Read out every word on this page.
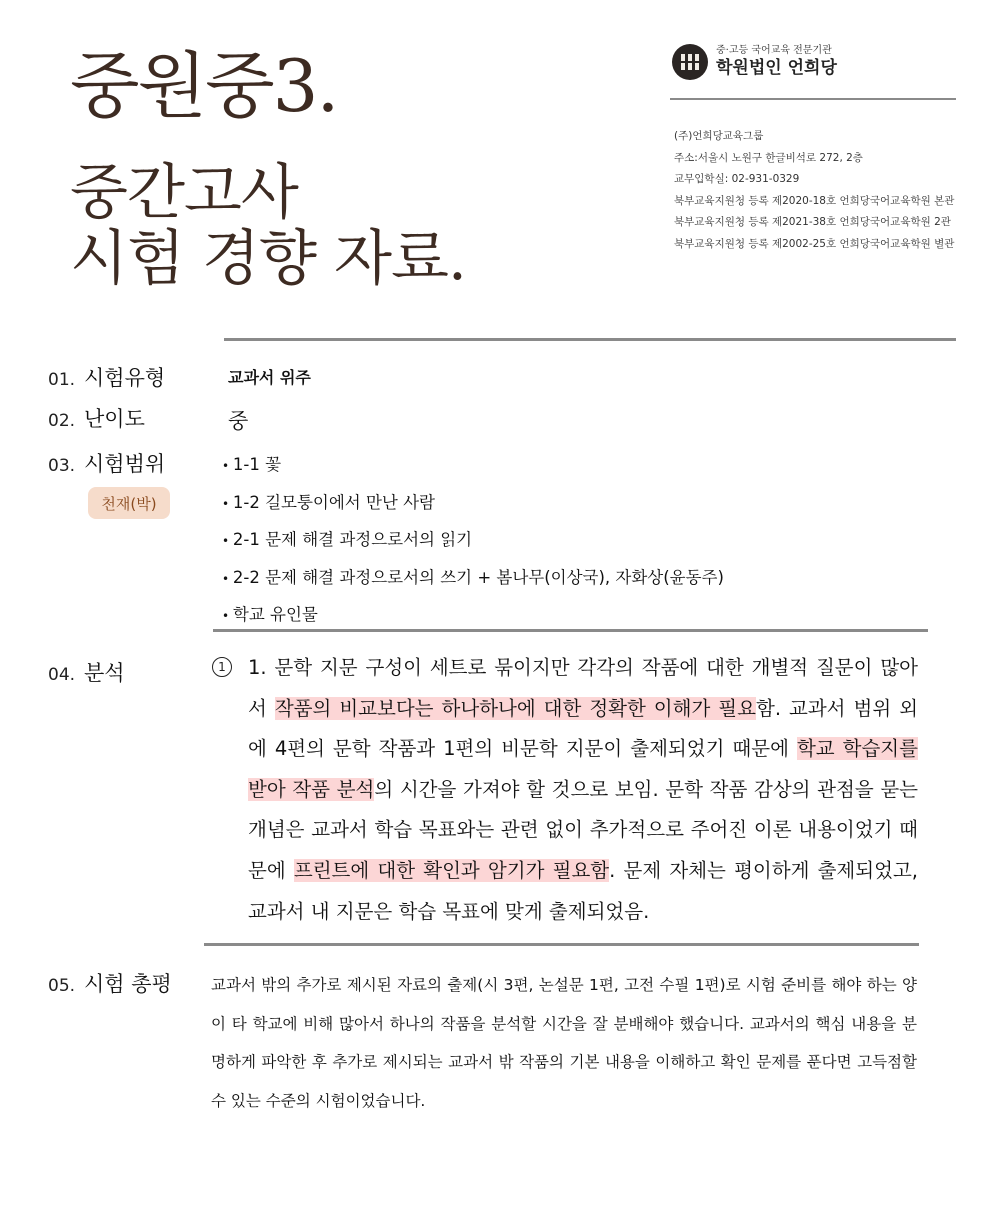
중원중3.
중간고사
시험 경향 자료.
중·고등 국어교육 전문기관
학원법인 언희당
(주)언희당교육그룹
주소:서울시 노원구 한글비석로 272, 2층
교무입학실: 02-931-0329
북부교육지원청 등록 제2020-18호 언희당국어교육학원 본관
북부교육지원청 등록 제2021-38호 언희당국어교육학원 2관
북부교육지원청 등록 제2002-25호 언희당국어교육학원 별관
01. 시험유형	교과서 위주
02. 난이도	중
03. 시험범위
천재(박)
• 1-1 꽃
• 1-2 길모퉁이에서 만난 사람
• 2-1 문제 해결 과정으로서의 읽기
• 2-2 문제 해결 과정으로서의 쓰기 + 봄나무(이상국), 자화상(윤동주)
• 학교 유인물
04. 분석	1	1. 문학 지문 구성이 세트로 묶이지만 각각의 작품에 대한 개별적 질문이 많아서 작품의 비교보다는 하나하나에 대한 정확한 이해가 필요함. 교과서 범위 외에 4편의 문학 작품과 1편의 비문학 지문이 출제되었기 때문에 학교 학습지를 받아 작품 분석의 시간을 가져야 할 것으로 보임. 문학 작품 감상의 관점을 묻는 개념은 교과서 학습 목표와는 관련 없이 추가적으로 주어진 이론 내용이었기 때문에 프린트에 대한 확인과 암기가 필요함. 문제 자체는 평이하게 출제되었고, 교과서 내 지문은 학습 목표에 맞게 출제되었음.

05. 시험 총평	교과서 밖의 추가로 제시된 자료의 출제(시 3편, 논설문 1편, 고전 수필 1편)로 시험 준비를 해야 하는 양이 타 학교에 비해 많아서 하나의 작품을 분석할 시간을 잘 분배해야 했습니다. 교과서의 핵심 내용을 분명하게 파악한 후 추가로 제시되는 교과서 밖 작품의 기본 내용을 이해하고 확인 문제를 푼다면 고득점할 수 있는 수준의 시험이었습니다.
